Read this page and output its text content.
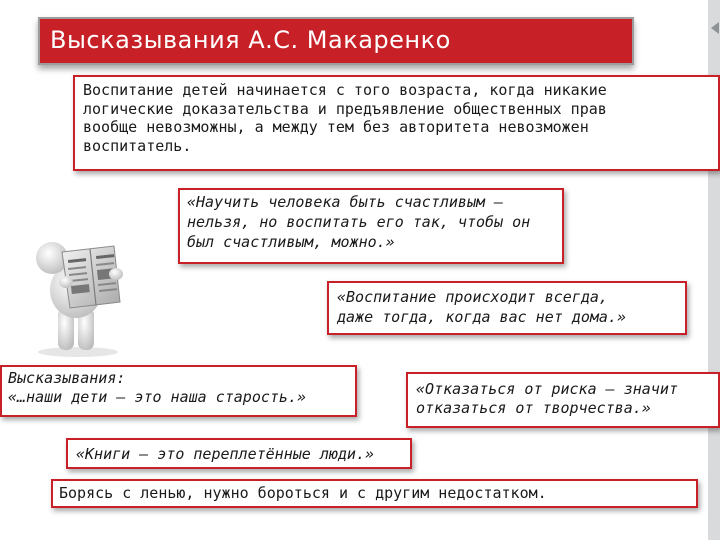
Высказывания А.С. Макаренко
Воспитание детей начинается с того возраста, когда никакие
логические доказательства и предъявление общественных прав
вообще невозможны, а между тем без авторитета невозможен
воспитатель.
«Научить человека быть счастливым —
нельзя, но воспитать его так, чтобы он
был счастливым, можно.»
«Воспитание происходит всегда,
даже тогда, когда вас нет дома.»
Высказывания:
«…наши дети — это наша старость.»	«Отказаться от риска — значит
отказаться от творчества.»
«Книги — это переплетённые люди.»
Борясь с ленью, нужно бороться и с другим недостатком.
